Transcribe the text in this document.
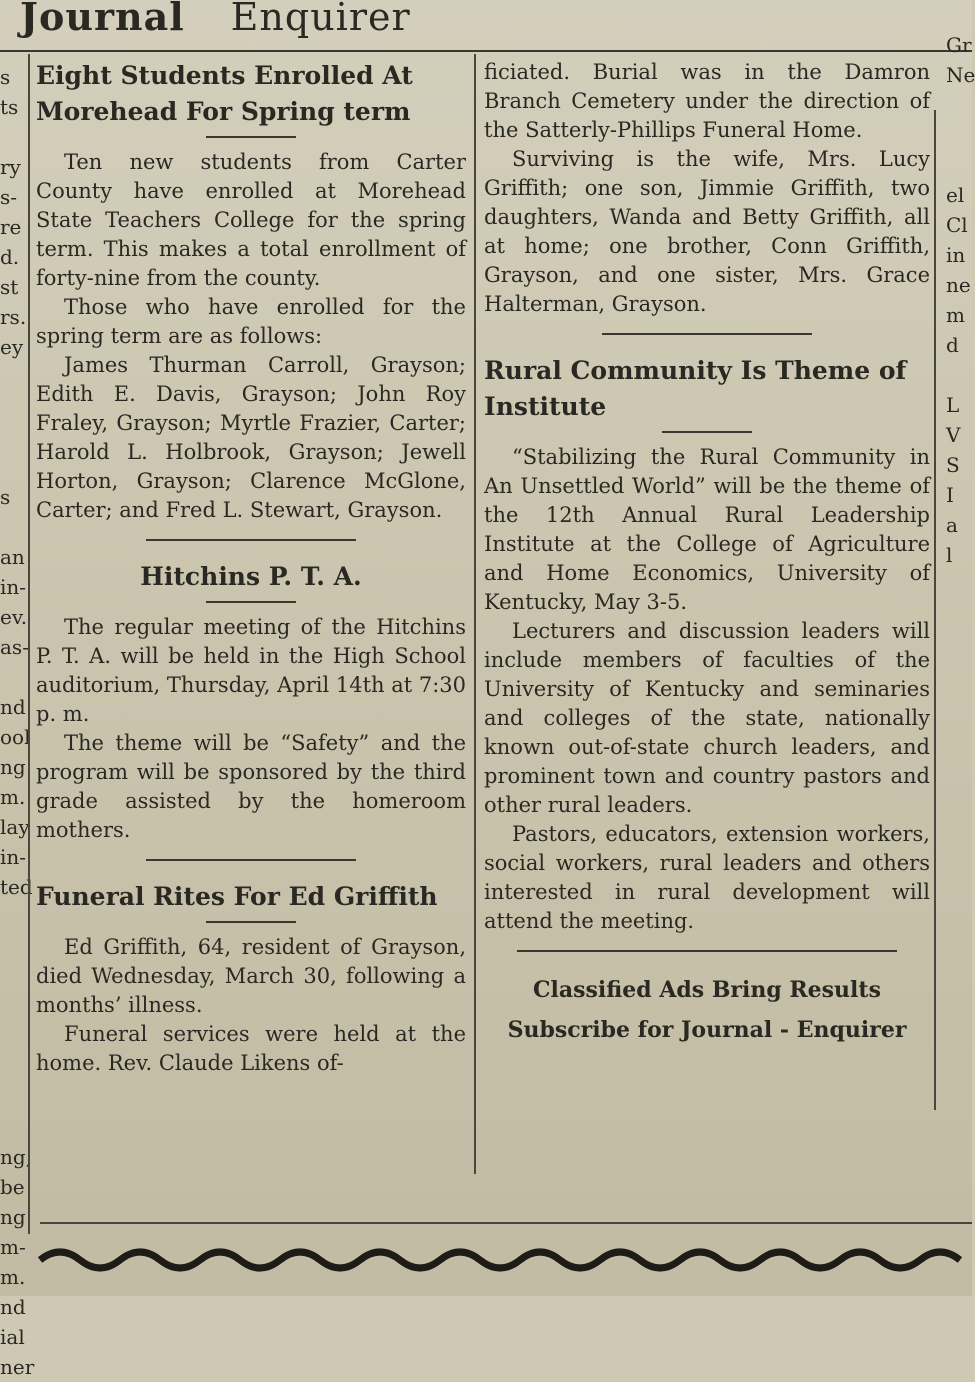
Journal Enquirer
s
ts

ry
s-
re
d.
st
rs.
ey

s

an
in-
ev.
as-

nd
ool
ng
m.
lay
in-
ted

ng,
be
ng
m-
m.
nd
ial
ner
Gr
Ne

el
Cl
in
ne
m
d

L
V
S
I
a
l
Eight Students Enrolled At Morehead For Spring term

Ten new students from Carter County have enrolled at Morehead State Teachers College for the spring term. This makes a total enrollment of forty-nine from the county.

Those who have enrolled for the spring term are as follows:

James Thurman Carroll, Grayson; Edith E. Davis, Grayson; John Roy Fraley, Grayson; Myrtle Frazier, Carter; Harold L. Holbrook, Grayson; Jewell Horton, Grayson; Clarence McGlone, Carter; and Fred L. Stewart, Grayson.

Hitchins P. T. A.

The regular meeting of the Hitchins P. T. A. will be held in the High School auditorium, Thursday, April 14th at 7:30 p. m.

The theme will be “Safety” and the program will be sponsored by the third grade assisted by the homeroom mothers.

Funeral Rites For Ed Griffith

Ed Griffith, 64, resident of Grayson, died Wednesday, March 30, following a months’ illness.

Funeral services were held at the home. Rev. Claude Likens of-

ficiated. Burial was in the Damron Branch Cemetery under the direction of the Satterly-Phillips Funeral Home.

Surviving is the wife, Mrs. Lucy Griffith; one son, Jimmie Griffith, two daughters, Wanda and Betty Griffith, all at home; one brother, Conn Griffith, Grayson, and one sister, Mrs. Grace Halterman, Grayson.

Rural Community Is Theme of Institute

“Stabilizing the Rural Community in An Unsettled World” will be the theme of the 12th Annual Rural Leadership Institute at the College of Agriculture and Home Economics, University of Kentucky, May 3-5.

Lecturers and discussion leaders will include members of faculties of the University of Kentucky and seminaries and colleges of the state, nationally known out-of-state church leaders, and prominent town and country pastors and other rural leaders.

Pastors, educators, extension workers, social workers, rural leaders and others interested in rural development will attend the meeting.

Classified Ads Bring Results
Subscribe for Journal - Enquirer
